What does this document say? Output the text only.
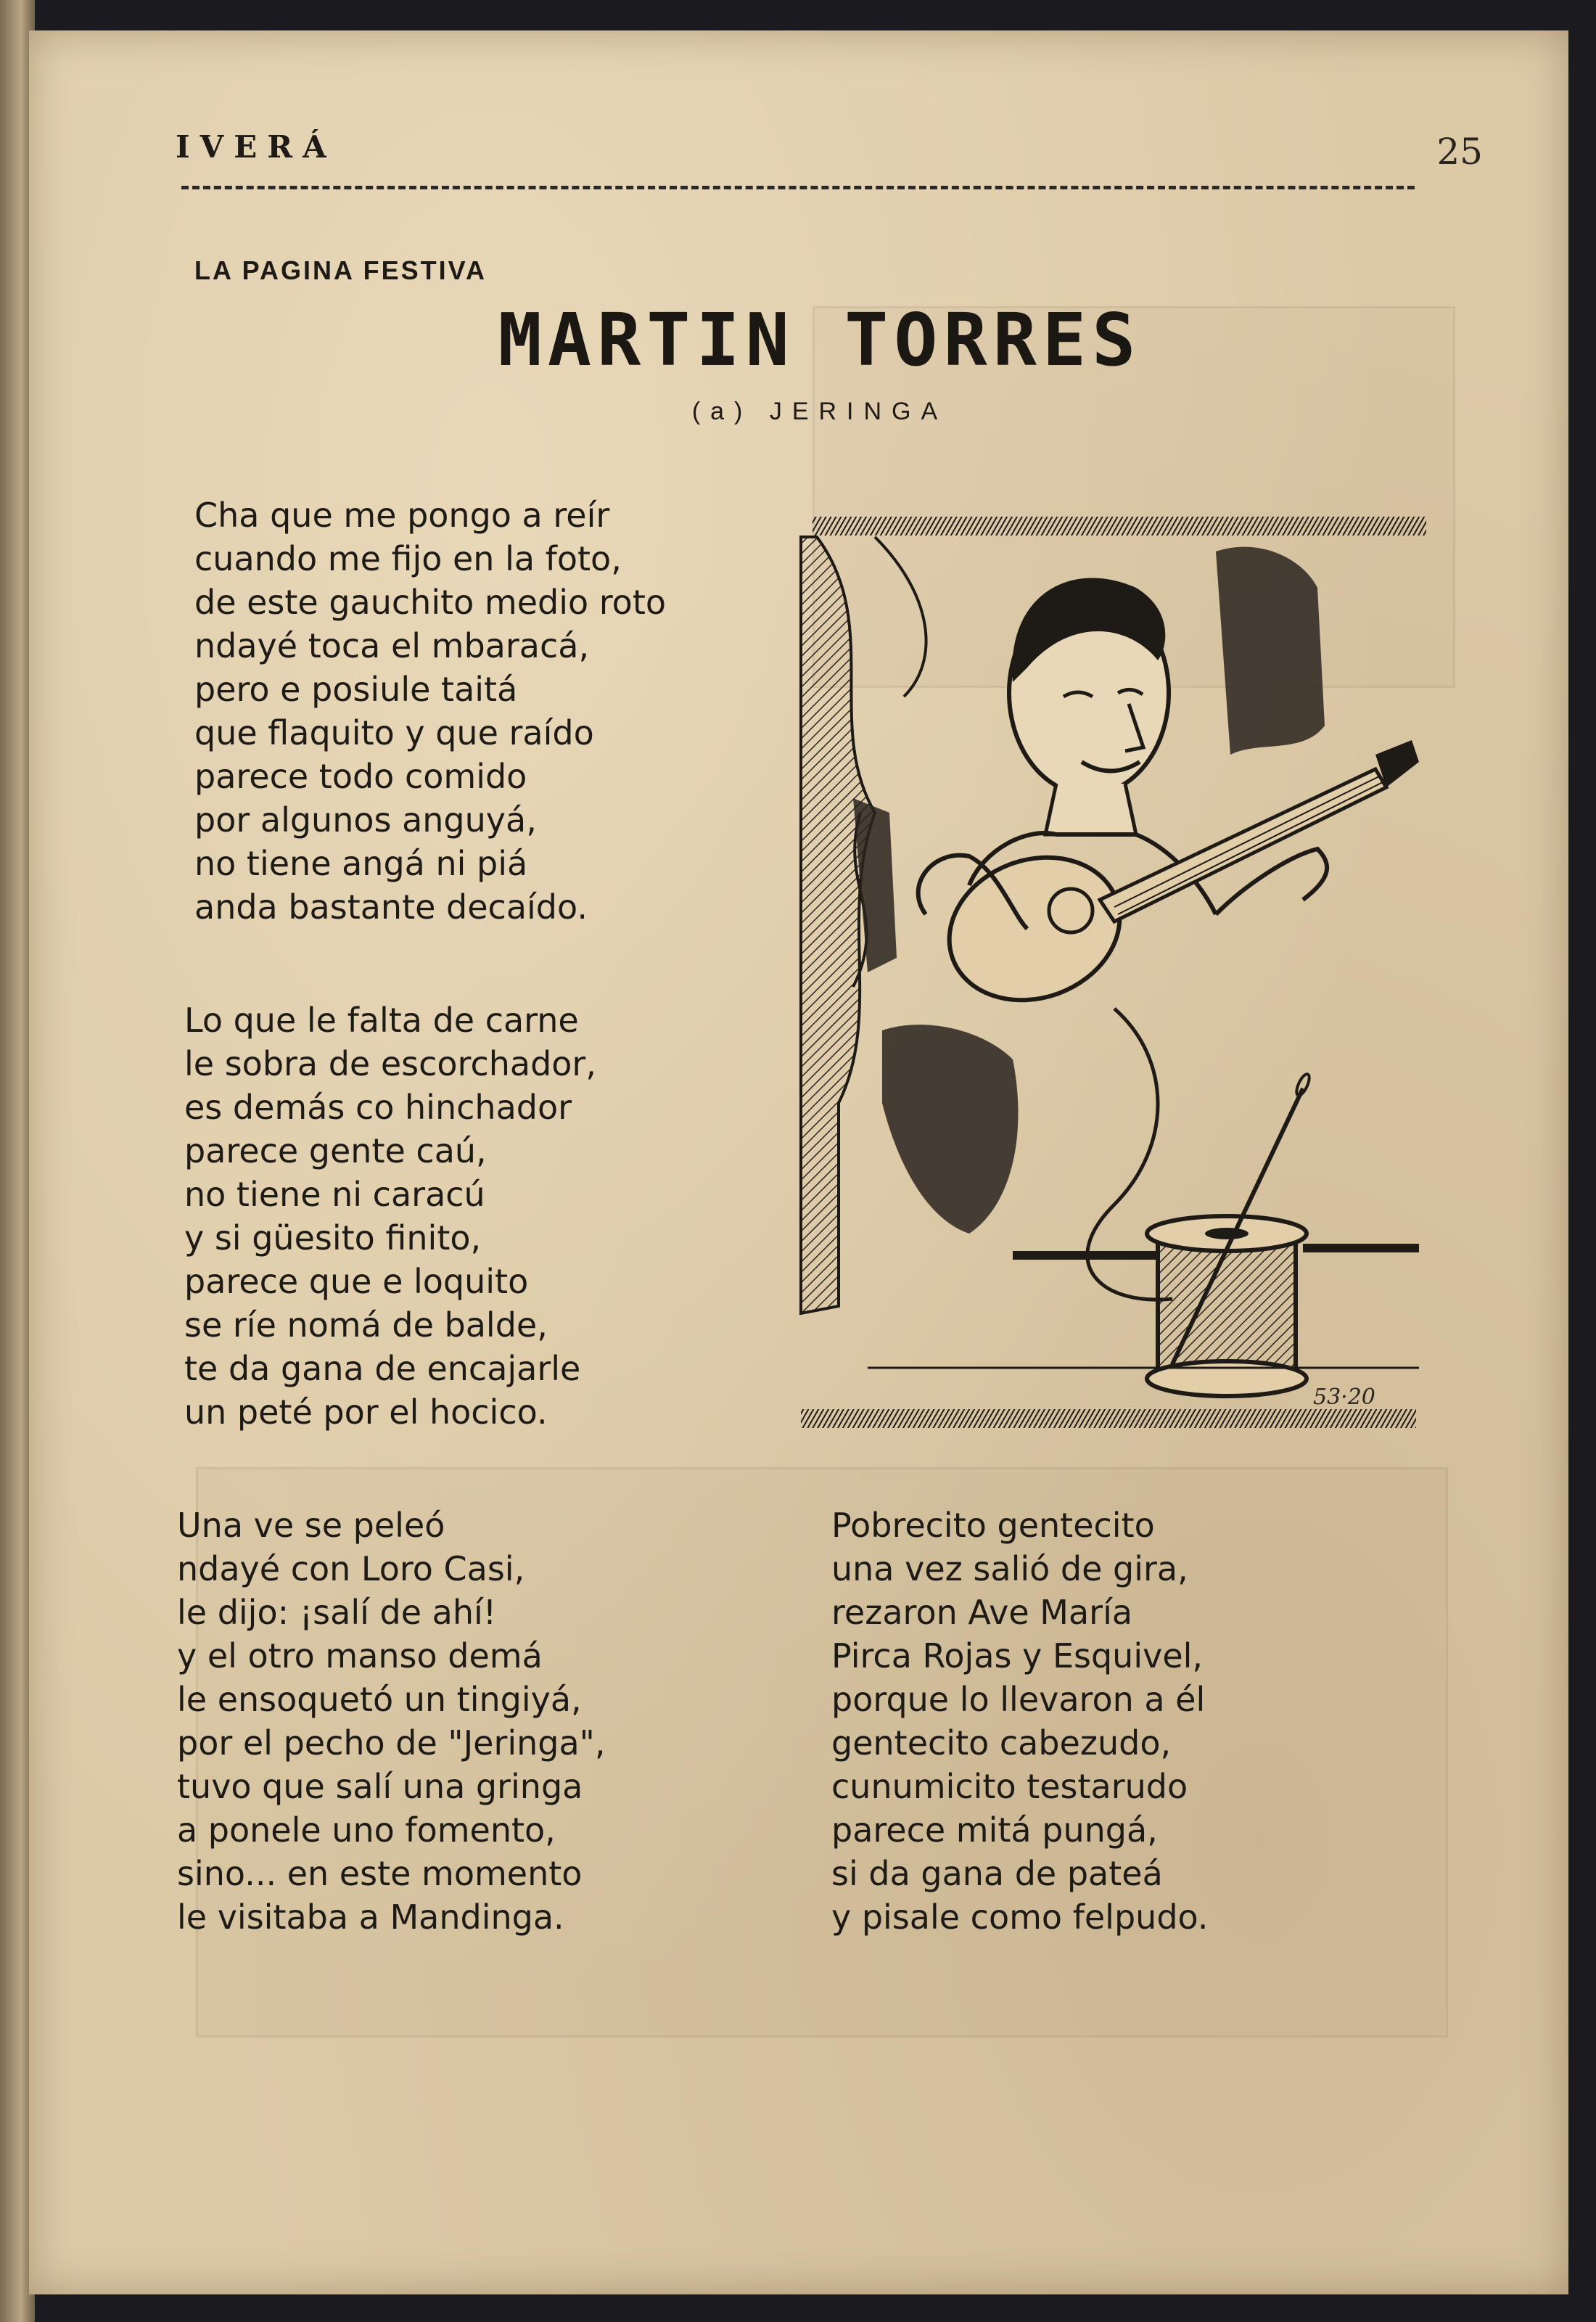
IVERÁ	25
LA PAGINA FESTIVA
MARTIN TORRES
(a) JERINGA
Cha que me pongo a reír
cuando me fijo en la foto,
de este gauchito medio roto
ndayé toca el mbaracá,
pero e posiule taitá
que flaquito y que raído
parece todo comido
por algunos anguyá,
no tiene angá ni piá
anda bastante decaído.
Lo que le falta de carne
le sobra de escorchador,
es demás co hinchador
parece gente caú,
no tiene ni caracú
y si güesito finito,
parece que e loquito
se ríe nomá de balde,
te da gana de encajarle
un peté por el hocico.
Una ve se peleó
ndayé con Loro Casi,
le dijo: ¡salí de ahí!
y el otro manso demá
le ensoquetó un tingiyá,
por el pecho de "Jeringa",
tuvo que salí una gringa
a ponele uno fomento,
sino... en este momento
le visitaba a Mandinga.
Pobrecito gentecito
una vez salió de gira,
rezaron Ave María
Pirca Rojas y Esquivel,
porque lo llevaron a él
gentecito cabezudo,
cunumicito testarudo
parece mitá pungá,
si da gana de pateá
y pisale como felpudo.
53·20
